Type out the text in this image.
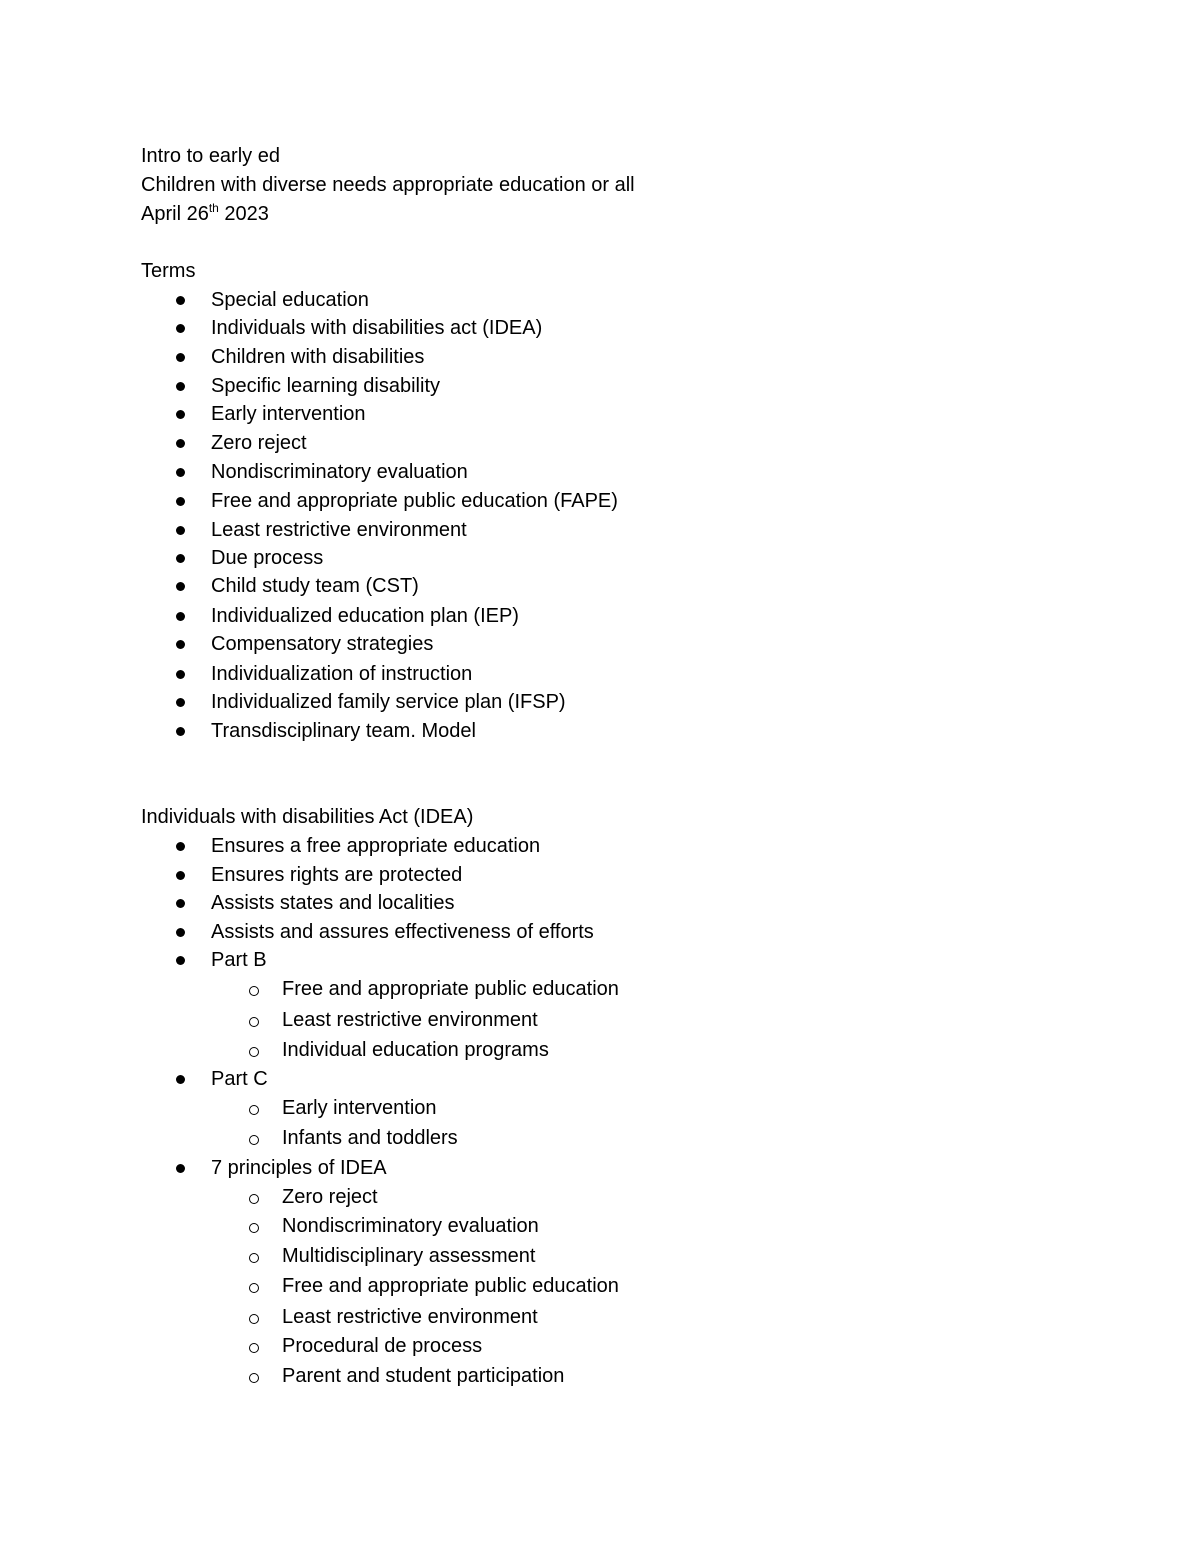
Intro to early ed
Children with diverse needs appropriate education or all
April 26th 2023
Terms
Special education
Individuals with disabilities act (IDEA)
Children with disabilities
Specific learning disability
Early intervention
Zero reject
Nondiscriminatory evaluation
Free and appropriate public education (FAPE)
Least restrictive environment
Due process
Child study team (CST)
Individualized education plan (IEP)
Compensatory strategies
Individualization of instruction
Individualized family service plan (IFSP)
Transdisciplinary team. Model
Individuals with disabilities Act (IDEA)
Ensures a free appropriate education
Ensures rights are protected
Assists states and localities
Assists and assures effectiveness of efforts
Part B
Free and appropriate public education
Least restrictive environment
Individual education programs
Part C
Early intervention
Infants and toddlers
7 principles of IDEA
Zero reject
Nondiscriminatory evaluation
Multidisciplinary assessment
Free and appropriate public education
Least restrictive environment
Procedural de process
Parent and student participation
